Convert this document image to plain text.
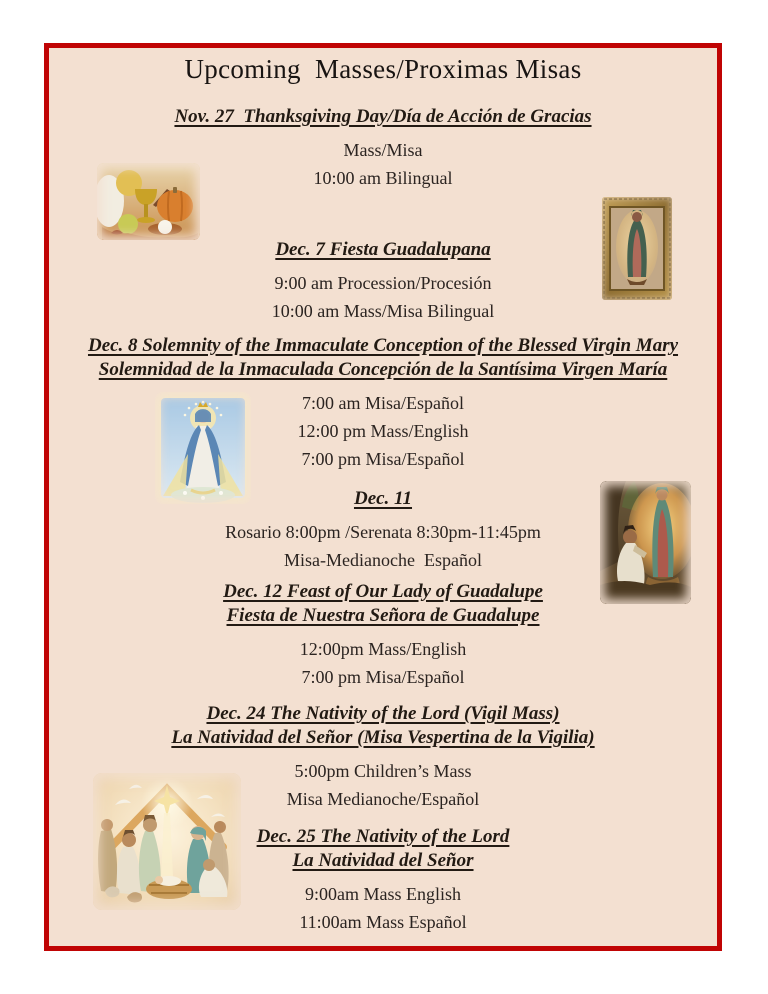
Upcoming  Masses/Proximas Misas
Nov. 27  Thanksgiving Day/Día de Acción de Gracias
Mass/Misa
10:00 am Bilingual
Dec. 7 Fiesta Guadalupana
9:00 am Procession/Procesión
10:00 am Mass/Misa Bilingual
Dec. 8 Solemnity of the Immaculate Conception of the Blessed Virgin Mary
Solemnidad de la Inmaculada Concepción de la Santísima Virgen María
7:00 am Misa/Español
12:00 pm Mass/English
7:00 pm Misa/Español
Dec. 11
Rosario 8:00pm /Serenata 8:30pm-11:45pm
Misa-Medianoche  Español
Dec. 12 Feast of Our Lady of Guadalupe
Fiesta de Nuestra Señora de Guadalupe
12:00pm Mass/English
7:00 pm Misa/Español
Dec. 24 The Nativity of the Lord (Vigil Mass)
La Natividad del Señor (Misa Vespertina de la Vigilia)
5:00pm Children’s Mass
Misa Medianoche/Español
Dec. 25 The Nativity of the Lord
La Natividad del Señor
9:00am Mass English
11:00am Mass Español
